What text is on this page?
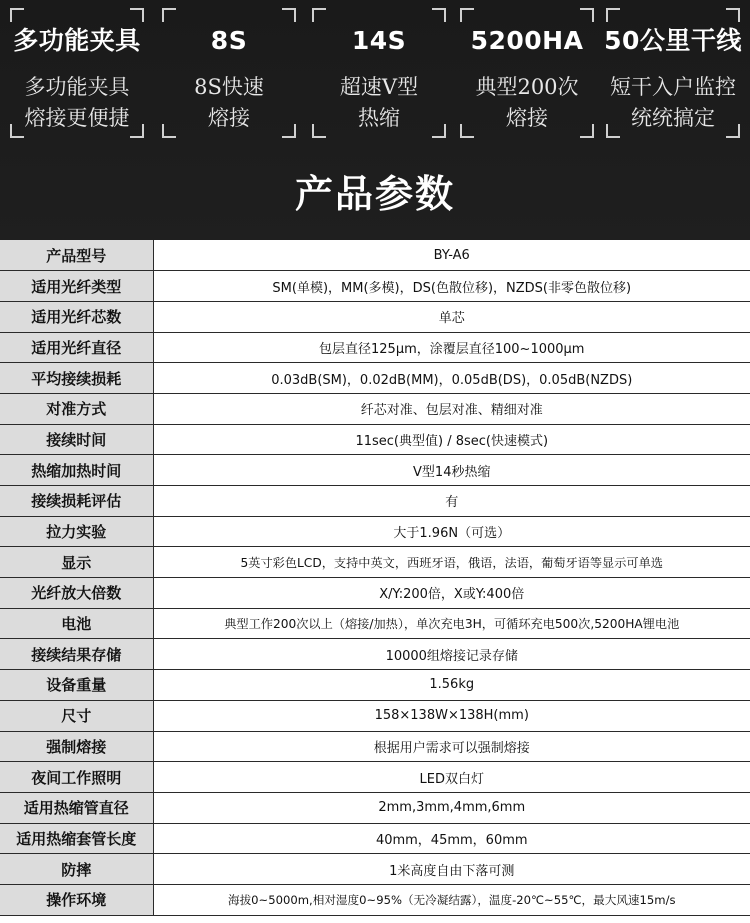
多功能夹具
多功能夹具
熔接更便捷
8S
8S快速
熔接
14S
超速V型
热缩
5200HA
典型200次
熔接
50公里干线
短干入户监控
统统搞定
产品参数
产品型号	BY-A6
适用光纤类型	SM(单模)，MM(多模)，DS(色散位移)，NZDS(非零色散位移)
适用光纤芯数	单芯
适用光纤直径	包层直径125μm，涂覆层直径100~1000μm
平均接续损耗	0.03dB(SM)，0.02dB(MM)，0.05dB(DS)，0.05dB(NZDS)
对准方式	纤芯对准、包层对准、精细对准
接续时间	11sec(典型值) / 8sec(快速模式)
热缩加热时间	V型14秒热缩
接续损耗评估	有
拉力实验	大于1.96N（可选）
显示	5英寸彩色LCD，支持中英文，西班牙语，俄语，法语，葡萄牙语等显示可单选
光纤放大倍数	X/Y:200倍，X或Y:400倍
电池	典型工作200次以上（熔接/加热），单次充电3H，可循环充电500次,5200HA锂电池
接续结果存储	10000组熔接记录存储
设备重量	1.56kg
尺寸	158×138W×138H(mm)
强制熔接	根据用户需求可以强制熔接
夜间工作照明	LED双白灯
适用热缩管直径	2mm,3mm,4mm,6mm
适用热缩套管长度	40mm，45mm，60mm
防摔	1米高度自由下落可测
操作环境	海拔0~5000m,相对湿度0~95%（无冷凝结露），温度-20℃~55℃，最大风速15m/s
